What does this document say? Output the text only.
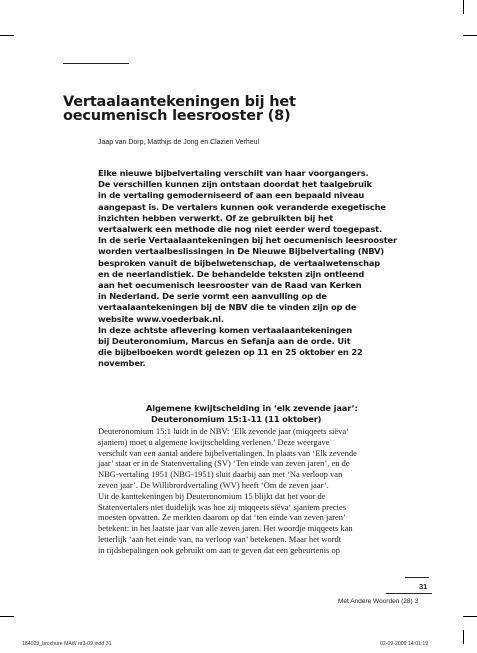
Vertaalaantekeningen bij het oecumenisch leesrooster (8)
Jaap van Dorp, Matthijs de Jong en Clazien Verheul
Elke nieuwe bijbelvertaling verschilt van haar voorgangers.
De verschillen kunnen zijn ontstaan doordat het taalgebruik
in de vertaling gemoderniseerd of aan een bepaald niveau
aangepast is. De vertalers kunnen ook veranderde exegetische
inzichten hebben verwerkt. Of ze gebruikten bij het
vertaalwerk een methode die nog niet eerder werd toegepast.
In de serie Vertaalaantekeningen bij het oecumenisch leesrooster
worden vertaalbeslissingen in De Nieuwe Bijbelvertaling (NBV)
besproken vanuit de bijbelwetenschap, de vertaalwetenschap
en de neerlandistiek. De behandelde teksten zijn ontleend
aan het oecumenisch leesrooster van de Raad van Kerken
in Nederland. De serie vormt een aanvulling op de
vertaalaantekeningen bij de NBV die te vinden zijn op de
website www.voederbak.nl.
In deze achtste aflevering komen vertaalaantekeningen
bij Deuteronomium, Marcus en Sefanja aan de orde. Uit
die bijbelboeken wordt gelezen op 11 en 25 oktober en 22
november.
Algemene kwijtschelding in ‘elk zevende jaar’:
Deuteronomium 15:1-11 (11 oktober)
Deuteronomium 15:1 luidt in de NBV: ‘Elk zevende jaar (miqqeets siëva‘
sjaniem) moet u algemene kwijtschelding verlenen.’ Deze weergave
verschilt van een aantal andere bijbelvertalingen. In plaats van ‘Elk zevende
jaar’ staat er in de Statenvertaling (SV) ‘Ten einde van zeven jaren’, en de
NBG-vertaling 1951 (NBG-1951) sluit daarbij aan met ‘Na verloop van
zeven jaar’. De Willibrordvertaling (WV) heeft ‘Om de zeven jaar’.
Uit de kanttekeningen bij Deuteronomium 15 blijkt dat het voor de
Statenvertalers niet duidelijk was hoe zij miqqeets siëva‘ sjaniem precies
moesten opvatten. Ze merkten daarom op dat ‘ten einde van zeven jaren’
betekent: in het laatste jaar van alle zeven jaren. Het woordje miqqeets kan
letterlijk ‘aan het einde van, na verloop van’ betekenen. Maar het wordt
in tijdsbepalingen ook gebruikt om aan te geven dat een gebeurtenis op
31
Met Andere Woorden (28) 3
184029_brochure MAW nr3-09.indd 31	02-09-2009 14:01:19
